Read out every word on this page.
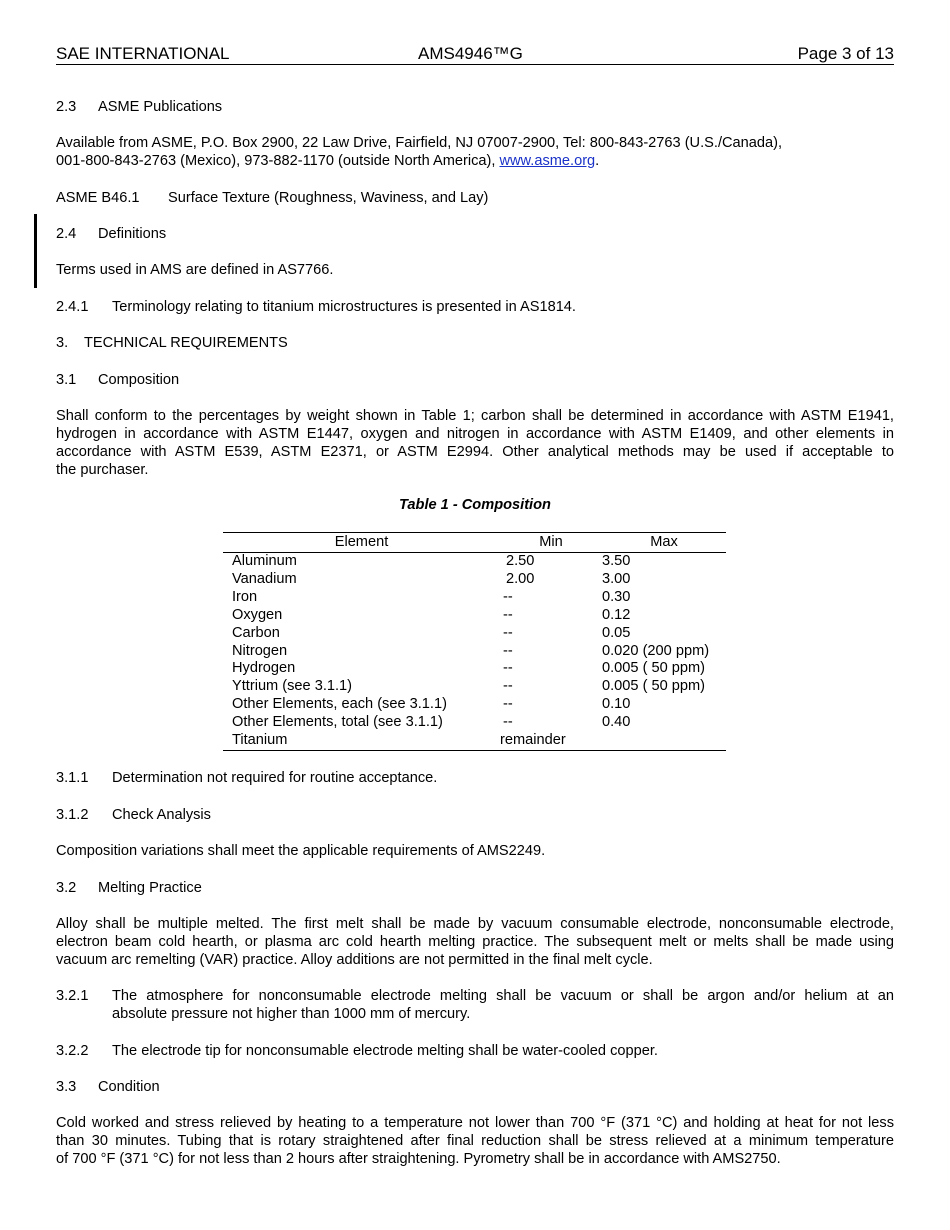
SAE INTERNATIONAL	AMS4946™G	Page 3 of 13
2.3 ASME Publications
Available from ASME, P.O. Box 2900, 22 Law Drive, Fairfield, NJ 07007-2900, Tel: 800-843-2763 (U.S./Canada),
001-800-843-2763 (Mexico), 973-882-1170 (outside North America), www.asme.org.
ASME B46.1 Surface Texture (Roughness, Waviness, and Lay)
2.4 Definitions
Terms used in AMS are defined in AS7766.
2.4.1 Terminology relating to titanium microstructures is presented in AS1814.
3. TECHNICAL REQUIREMENTS
3.1 Composition
Shall conform to the percentages by weight shown in Table 1; carbon shall be determined in accordance with ASTM E1941,
hydrogen in accordance with ASTM E1447, oxygen and nitrogen in accordance with ASTM E1409, and other elements in
accordance with ASTM E539, ASTM E2371, or ASTM E2994. Other analytical methods may be used if acceptable to
the purchaser.
Table 1 - Composition
Element	Min	Max
Aluminum	2.50	3.50
Vanadium	2.00	3.00
Iron	--	0.30
Oxygen	--	0.12
Carbon	--	0.05
Nitrogen	--	0.020 (200 ppm)
Hydrogen	--	0.005 ( 50 ppm)
Yttrium (see 3.1.1)	--	0.005 ( 50 ppm)
Other Elements, each (see 3.1.1)	--	0.10
Other Elements, total (see 3.1.1)	--	0.40
Titanium	remainder	
3.1.1 Determination not required for routine acceptance.
3.1.2 Check Analysis
Composition variations shall meet the applicable requirements of AMS2249.
3.2 Melting Practice
Alloy shall be multiple melted. The first melt shall be made by vacuum consumable electrode, nonconsumable electrode,
electron beam cold hearth, or plasma arc cold hearth melting practice. The subsequent melt or melts shall be made using
vacuum arc remelting (VAR) practice. Alloy additions are not permitted in the final melt cycle.
3.2.1 The atmosphere for nonconsumable electrode melting shall be vacuum or shall be argon and/or helium at an
absolute pressure not higher than 1000 mm of mercury.
3.2.2 The electrode tip for nonconsumable electrode melting shall be water-cooled copper.
3.3 Condition
Cold worked and stress relieved by heating to a temperature not lower than 700 °F (371 °C) and holding at heat for not less
than 30 minutes. Tubing that is rotary straightened after final reduction shall be stress relieved at a minimum temperature
of 700 °F (371 °C) for not less than 2 hours after straightening. Pyrometry shall be in accordance with AMS2750.
